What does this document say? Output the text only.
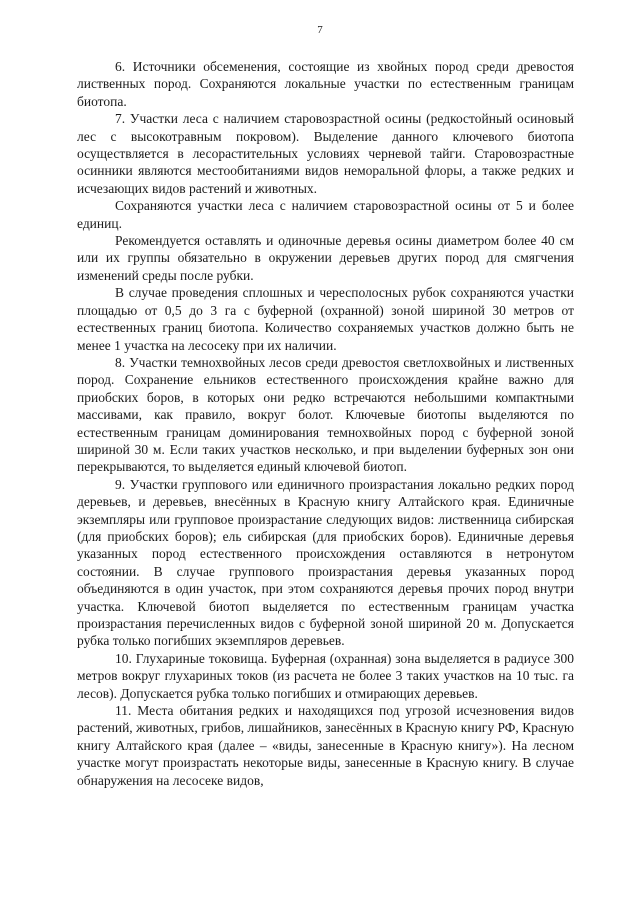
7

6. Источники обсеменения, состоящие из хвойных пород среди древостоя лиственных пород. Сохраняются локальные участки по естественным границам биотопа.

7. Участки леса с наличием старовозрастной осины (редкостойный осиновый лес с высокотравным покровом). Выделение данного ключевого биотопа осуществляется в лесорастительных условиях черневой тайги. Старовозрастные осинники являются местообитаниями видов неморальной флоры, а также редких и исчезающих видов растений и животных.

Сохраняются участки леса с наличием старовозрастной осины от 5 и более единиц.

Рекомендуется оставлять и одиночные деревья осины диаметром более 40 см или их группы обязательно в окружении деревьев других пород для смягчения изменений среды после рубки.

В случае проведения сплошных и чересполосных рубок сохраняются участки площадью от 0,5 до 3 га с буферной (охранной) зоной шириной 30 метров от естественных границ биотопа. Количество сохраняемых участков должно быть не менее 1 участка на лесосеку при их наличии.

8. Участки темнохвойных лесов среди древостоя светлохвойных и лиственных пород. Сохранение ельников естественного происхождения крайне важно для приобских боров, в которых они редко встречаются небольшими компактными массивами, как правило, вокруг болот. Ключевые биотопы выделяются по естественным границам доминирования темнохвойных пород с буферной зоной шириной 30 м. Если таких участков несколько, и при выделении буферных зон они перекрываются, то выделяется единый ключевой биотоп.

9. Участки группового или единичного произрастания локально редких пород деревьев, и деревьев, внесённых в Красную книгу Алтайского края. Единичные экземпляры или групповое произрастание следующих видов: лиственница сибирская (для приобских боров); ель сибирская (для приобских боров). Единичные деревья указанных пород естественного происхождения оставляются в нетронутом состоянии. В случае группового произрастания деревья указанных пород объединяются в один участок, при этом сохраняются деревья прочих пород внутри участка. Ключевой биотоп выделяется по естественным границам участка произрастания перечисленных видов с буферной зоной шириной 20 м. Допускается рубка только погибших экземпляров деревьев.

10. Глухариные токовища. Буферная (охранная) зона выделяется в радиусе 300 метров вокруг глухариных токов (из расчета не более 3 таких участков на 10 тыс. га лесов). Допускается рубка только погибших и отмирающих деревьев.

11. Места обитания редких и находящихся под угрозой исчезновения видов растений, животных, грибов, лишайников, занесённых в Красную книгу РФ, Красную книгу Алтайского края (далее – «виды, занесенные в Красную книгу»). На лесном участке могут произрастать некоторые виды, занесенные в Красную книгу. В случае обнаружения на лесосеке видов,
